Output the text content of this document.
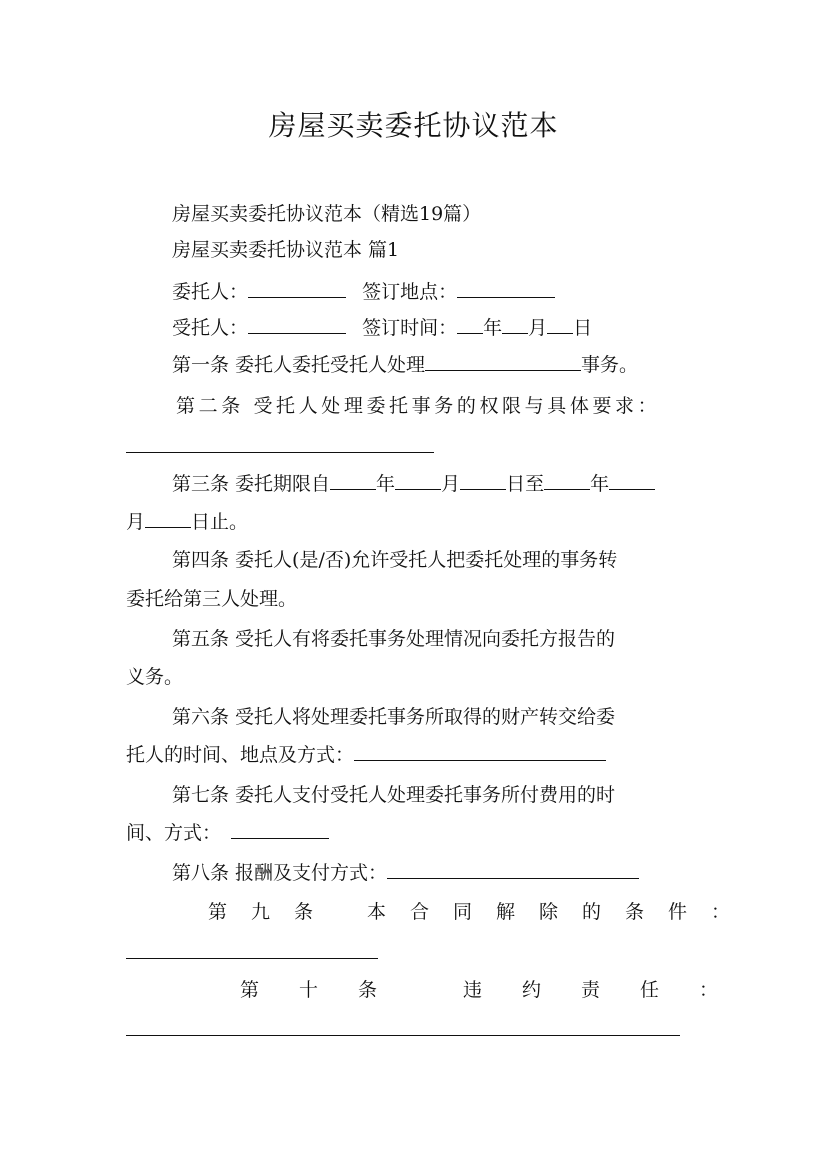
房屋买卖委托协议范本
房屋买卖委托协议范本（精选19篇）
房屋买卖委托协议范本 篇1
委托人：	签订地点：
受托人：	签订时间： 年 月 日
第一条 委托人委托受托人处理	事务。
第二条 受托人处理委托事务的权限与具体要求：
第三条 委托期限自 年 月 日至 年
月 日止。
第四条 委托人(是/否)允许受托人把委托处理的事务转
委托给第三人处理。
第五条 受托人有将委托事务处理情况向委托方报告的
义务。
第六条 受托人将处理委托事务所取得的财产转交给委
托人的时间、地点及方式：
第七条 委托人支付受托人处理委托事务所付费用的时
间、方式：
第八条 报酬及支付方式：
第九条 本合同解除的条件：
第十条 违约责任：
